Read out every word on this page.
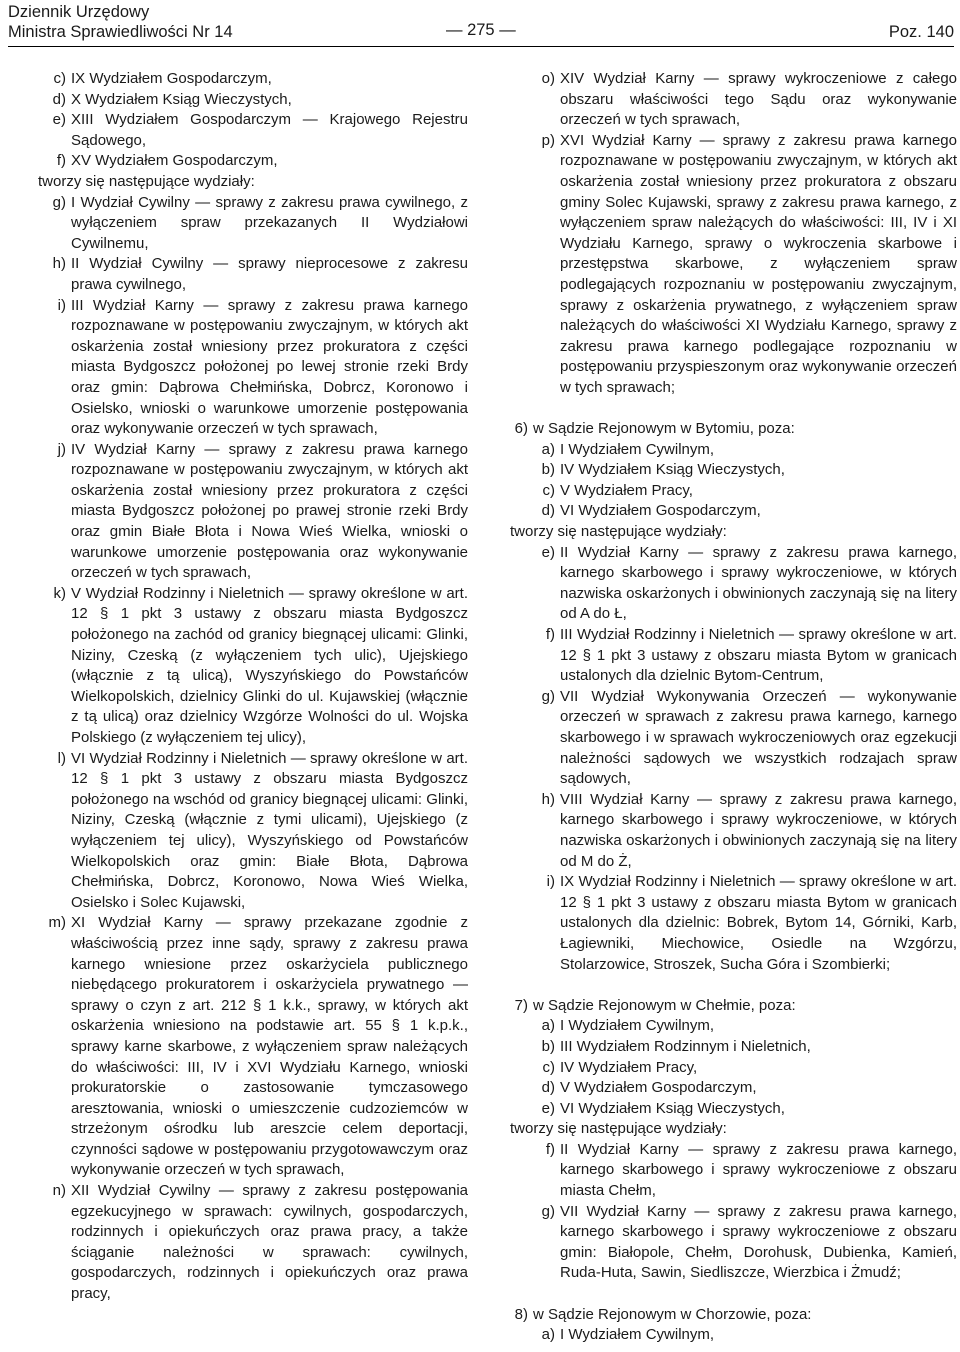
Dziennik Urzędowy
Ministra Sprawiedliwości Nr 14	— 275 —	Poz. 140
c) IX Wydziałem Gospodarczym,
d) X Wydziałem Ksiąg Wieczystych,
e) XIII Wydziałem Gospodarczym — Krajowego Rejestru Sądowego,
f) XV Wydziałem Gospodarczym,
tworzy się następujące wydziały:
g) I Wydział Cywilny — sprawy z zakresu prawa cywilnego, z wyłączeniem spraw przekazanych II Wydziałowi Cywilnemu,
h) II Wydział Cywilny — sprawy nieprocesowe z zakresu prawa cywilnego,
i) III Wydział Karny — sprawy z zakresu prawa karnego rozpoznawane w postępowaniu zwyczajnym, w których akt oskarżenia został wniesiony przez prokuratora z części miasta Bydgoszcz położonej po lewej stronie rzeki Brdy oraz gmin: Dąbrowa Chełmińska, Dobrcz, Koronowo i Osielsko, wnioski o warunkowe umorzenie postępowania oraz wykonywanie orzeczeń w tych sprawach,
j) IV Wydział Karny — sprawy z zakresu prawa karnego rozpoznawane w postępowaniu zwyczajnym, w których akt oskarżenia został wniesiony przez prokuratora z części miasta Bydgoszcz położonej po prawej stronie rzeki Brdy oraz gmin Białe Błota i Nowa Wieś Wielka, wnioski o warunkowe umorzenie postępowania oraz wykonywanie orzeczeń w tych sprawach,
k) V Wydział Rodzinny i Nieletnich — sprawy określone w art. 12 § 1 pkt 3 ustawy z obszaru miasta Bydgoszcz położonego na zachód od granicy biegnącej ulicami: Glinki, Niziny, Czeską (z wyłączeniem tych ulic), Ujejskiego (włącznie z tą ulicą), Wyszyńskiego do Powstańców Wielkopolskich, dzielnicy Glinki do ul. Kujawskiej (włącznie z tą ulicą) oraz dzielnicy Wzgórze Wolności do ul. Wojska Polskiego (z wyłączeniem tej ulicy),
l) VI Wydział Rodzinny i Nieletnich — sprawy określone w art. 12 § 1 pkt 3 ustawy z obszaru miasta Bydgoszcz położonego na wschód od granicy biegnącej ulicami: Glinki, Niziny, Czeską (włącznie z tymi ulicami), Ujejskiego (z wyłączeniem tej ulicy), Wyszyńskiego od Powstańców Wielkopolskich oraz gmin: Białe Błota, Dąbrowa Chełmińska, Dobrcz, Koronowo, Nowa Wieś Wielka, Osielsko i Solec Kujawski,
m) XI Wydział Karny — sprawy przekazane zgodnie z właściwością przez inne sądy, sprawy z zakresu prawa karnego wniesione przez oskarżyciela publicznego niebędącego prokuratorem i oskarżyciela prywatnego — sprawy o czyn z art. 212 § 1 k.k., sprawy, w których akt oskarżenia wniesiono na podstawie art. 55 § 1 k.p.k., sprawy karne skarbowe, z wyłączeniem spraw należących do właściwości: III, IV i XVI Wydziału Karnego, wnioski prokuratorskie o zastosowanie tymczasowego aresztowania, wnioski o umieszczenie cudzoziemców w strzeżonym ośrodku lub areszcie celem deportacji, czynności sądowe w postępowaniu przygotowawczym oraz wykonywanie orzeczeń w tych sprawach,
n) XII Wydział Cywilny — sprawy z zakresu postępowania egzekucyjnego w sprawach: cywilnych, gospodarczych, rodzinnych i opiekuńczych oraz prawa pracy, a także ściąganie należności w sprawach: cywilnych, gospodarczych, rodzinnych i opiekuńczych oraz prawa pracy,
o) XIV Wydział Karny — sprawy wykroczeniowe z całego obszaru właściwości tego Sądu oraz wykonywanie orzeczeń w tych sprawach,
p) XVI Wydział Karny — sprawy z zakresu prawa karnego rozpoznawane w postępowaniu zwyczajnym, w których akt oskarżenia został wniesiony przez prokuratora z obszaru gminy Solec Kujawski, sprawy z zakresu prawa karnego, z wyłączeniem spraw należących do właściwości: III, IV i XI Wydziału Karnego, sprawy o wykroczenia skarbowe i przestępstwa skarbowe, z wyłączeniem spraw podlegających rozpoznaniu w postępowaniu zwyczajnym, sprawy z oskarżenia prywatnego, z wyłączeniem spraw należących do właściwości XI Wydziału Karnego, sprawy z zakresu prawa karnego podlegające rozpoznaniu w postępowaniu przyspieszonym oraz wykonywanie orzeczeń w tych sprawach;
6) w Sądzie Rejonowym w Bytomiu, poza:
a) I Wydziałem Cywilnym,
b) IV Wydziałem Ksiąg Wieczystych,
c) V Wydziałem Pracy,
d) VI Wydziałem Gospodarczym,
tworzy się następujące wydziały:
e) II Wydział Karny — sprawy z zakresu prawa karnego, karnego skarbowego i sprawy wykroczeniowe, w których nazwiska oskarżonych i obwinionych zaczynają się na litery od A do Ł,
f) III Wydział Rodzinny i Nieletnich — sprawy określone w art. 12 § 1 pkt 3 ustawy z obszaru miasta Bytom w granicach ustalonych dla dzielnic Bytom-Centrum,
g) VII Wydział Wykonywania Orzeczeń — wykonywanie orzeczeń w sprawach z zakresu prawa karnego, karnego skarbowego i w sprawach wykroczeniowych oraz egzekucji należności sądowych we wszystkich rodzajach spraw sądowych,
h) VIII Wydział Karny — sprawy z zakresu prawa karnego, karnego skarbowego i sprawy wykroczeniowe, w których nazwiska oskarżonych i obwinionych zaczynają się na litery od M do Ż,
i) IX Wydział Rodzinny i Nieletnich — sprawy określone w art. 12 § 1 pkt 3 ustawy z obszaru miasta Bytom w granicach ustalonych dla dzielnic: Bobrek, Bytom 14, Górniki, Karb, Łagiewniki, Miechowice, Osiedle na Wzgórzu, Stolarzowice, Stroszek, Sucha Góra i Szombierki;
7) w Sądzie Rejonowym w Chełmie, poza:
a) I Wydziałem Cywilnym,
b) III Wydziałem Rodzinnym i Nieletnich,
c) IV Wydziałem Pracy,
d) V Wydziałem Gospodarczym,
e) VI Wydziałem Ksiąg Wieczystych,
tworzy się następujące wydziały:
f) II Wydział Karny — sprawy z zakresu prawa karnego, karnego skarbowego i sprawy wykroczeniowe z obszaru miasta Chełm,
g) VII Wydział Karny — sprawy z zakresu prawa karnego, karnego skarbowego i sprawy wykroczeniowe z obszaru gmin: Białopole, Chełm, Dorohusk, Dubienka, Kamień, Ruda-Huta, Sawin, Siedliszcze, Wierzbica i Żmudź;
8) w Sądzie Rejonowym w Chorzowie, poza:
a) I Wydziałem Cywilnym,
